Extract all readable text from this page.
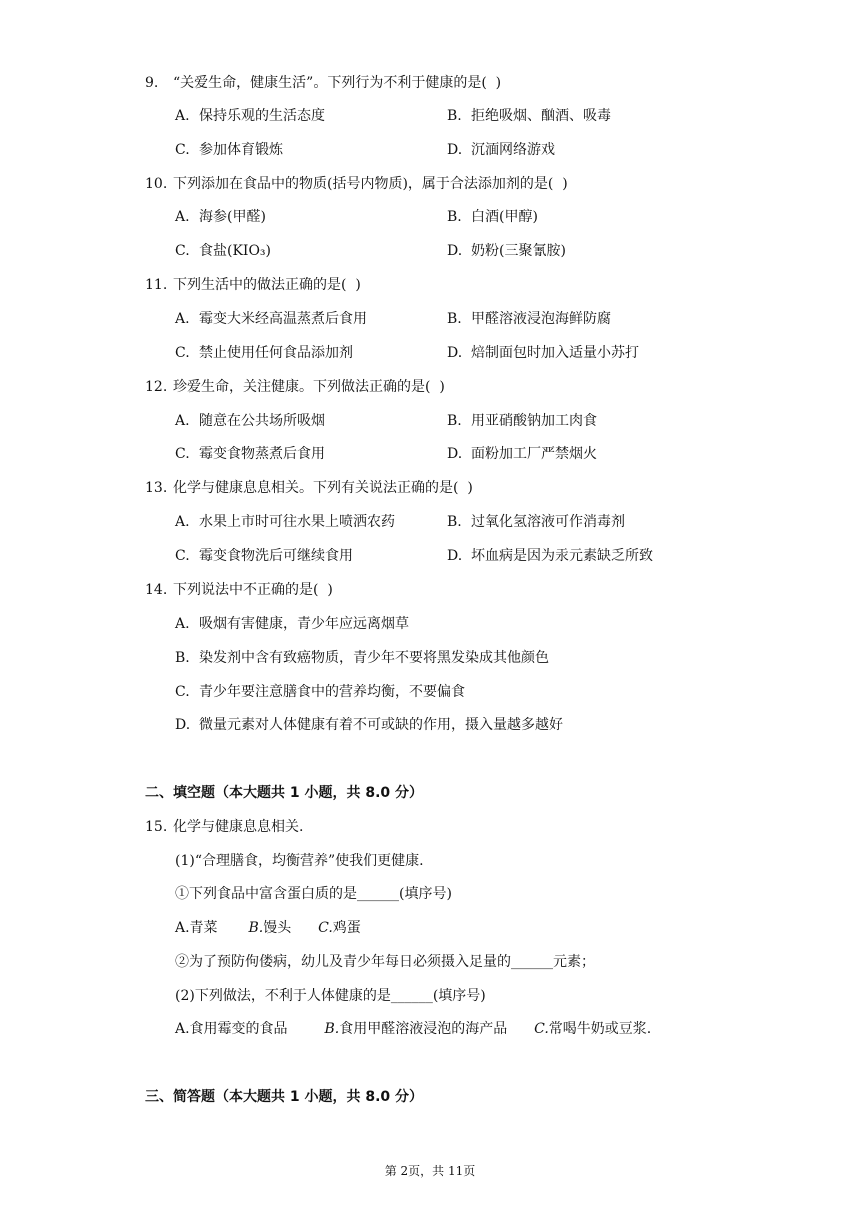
9. “关爱生命，健康生活”。下列行为不利于健康的是(  )
A. 保持乐观的生活态度	B. 拒绝吸烟、酗酒、吸毒
C. 参加体育锻炼	D. 沉湎网络游戏
10. 下列添加在食品中的物质(括号内物质)，属于合法添加剂的是(  )
A. 海参(甲醛)	B. 白酒(甲醇)
C. 食盐(KIO₃)	D. 奶粉(三聚氰胺)
11. 下列生活中的做法正确的是(  )
A. 霉变大米经高温蒸煮后食用	B. 甲醛溶液浸泡海鲜防腐
C. 禁止使用任何食品添加剂	D. 焙制面包时加入适量小苏打
12. 珍爱生命，关注健康。下列做法正确的是(  )
A. 随意在公共场所吸烟	B. 用亚硝酸钠加工肉食
C. 霉变食物蒸煮后食用	D. 面粉加工厂严禁烟火
13. 化学与健康息息相关。下列有关说法正确的是(  )
A. 水果上市时可往水果上喷洒农药	B. 过氧化氢溶液可作消毒剂
C. 霉变食物洗后可继续食用	D. 坏血病是因为汞元素缺乏所致
14. 下列说法中不正确的是(  )
A. 吸烟有害健康，青少年应远离烟草
B. 染发剂中含有致癌物质，青少年不要将黑发染成其他颜色
C. 青少年要注意膳食中的营养均衡，不要偏食
D. 微量元素对人体健康有着不可或缺的作用，摄入量越多越好
二、填空题（本大题共 1 小题，共 8.0 分）
15. 化学与健康息息相关.
(1)“合理膳食，均衡营养”使我们更健康.
①下列食品中富含蛋白质的是______(填序号)
A.青菜 B.馒头 C.鸡蛋
②为了预防佝偻病，幼儿及青少年每日必须摄入足量的______元素；
(2)下列做法，不利于人体健康的是______(填序号)
A.食用霉变的食品	B.食用甲醛溶液浸泡的海产品 C.常喝牛奶或豆浆.
三、简答题（本大题共 1 小题，共 8.0 分）
第 2页，共 11页
